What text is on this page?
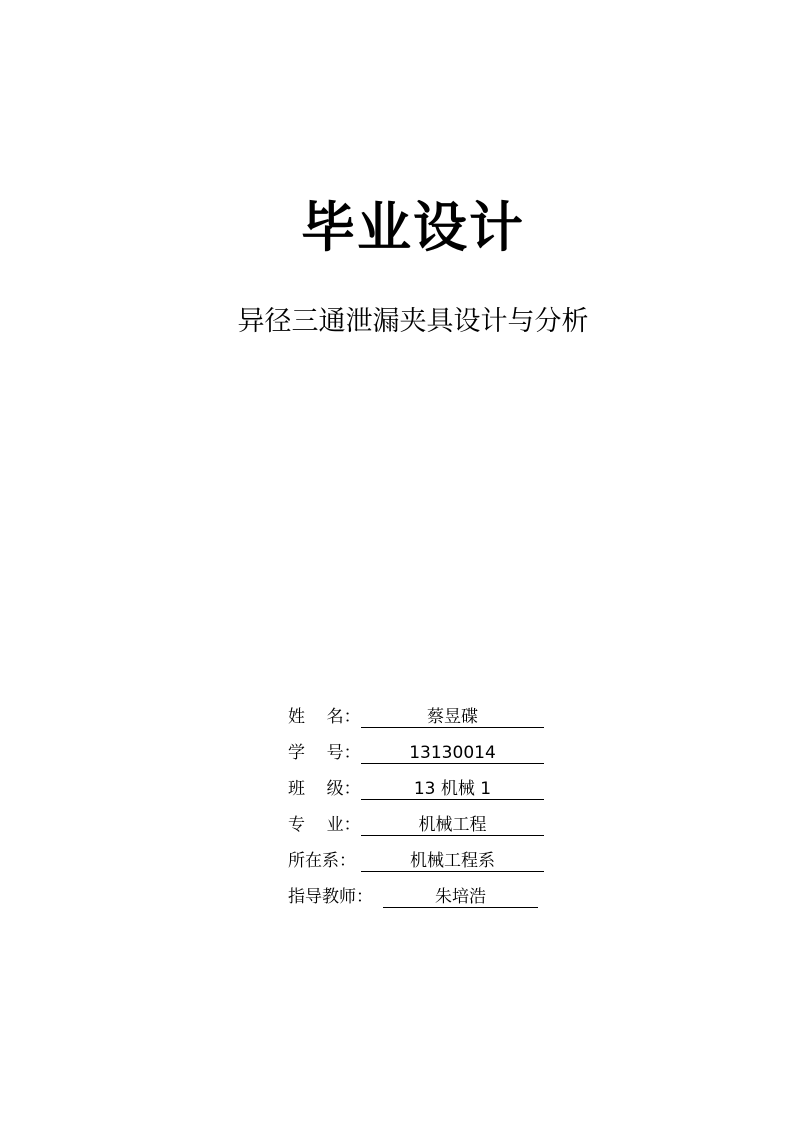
毕业设计
异径三通泄漏夹具设计与分析
姓    名：	蔡昱碟
学    号：	13130014
班    级：	13 机械 1
专    业：	机械工程
所在系：	机械工程系
指导教师：	朱培浩
